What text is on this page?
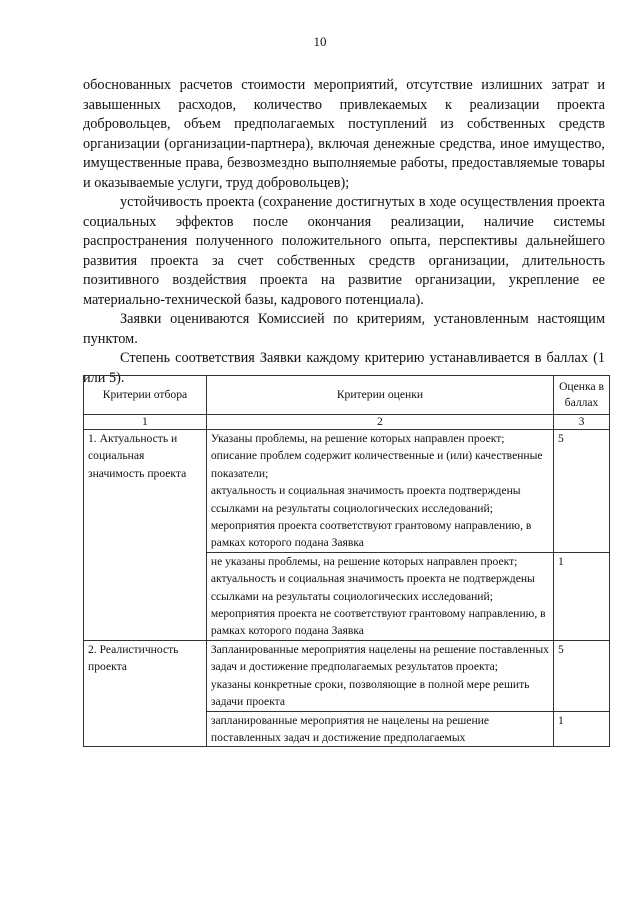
10

обоснованных расчетов стоимости мероприятий, отсутствие излишних затрат и завышенных расходов, количество привлекаемых к реализации проекта добровольцев, объем предполагаемых поступлений из собственных средств организации (организации-партнера), включая денежные средства, иное имущество, имущественные права, безвозмездно выполняемые работы, предоставляемые товары и оказываемые услуги, труд добровольцев);

устойчивость проекта (сохранение достигнутых в ходе осуществления проекта социальных эффектов после окончания реализации, наличие системы распространения полученного положительного опыта, перспективы дальнейшего развития проекта за счет собственных средств организации, длительность позитивного воздействия проекта на развитие организации, укрепление ее материально-технической базы, кадрового потенциала).

Заявки оцениваются Комиссией по критериям, установленным настоящим пунктом.

Степень соответствия Заявки каждому критерию устанавливается в баллах (1 или 5).

Критерии отбора	Критерии оценки	Оценка в баллах
1	2	3
1. Актуальность и социальная значимость проекта	Указаны проблемы, на решение которых направлен проект;
описание проблем содержит количественные и (или) качественные показатели;
актуальность и социальная значимость проекта подтверждены ссылками на результаты социологических исследований;
мероприятия проекта соответствуют грантовому направлению, в рамках которого подана Заявка	5

	не указаны проблемы, на решение которых направлен проект;
актуальность и социальная значимость проекта не подтверждены ссылками на результаты социологических исследований;
мероприятия проекта не соответствуют грантовому направлению, в рамках которого подана Заявка	1
2. Реалистичность проекта	Запланированные мероприятия нацелены на решение поставленных задач и достижение предполагаемых результатов проекта;
указаны конкретные сроки, позволяющие в полной мере решить задачи проекта	5

	запланированные мероприятия не нацелены на решение поставленных задач и достижение предполагаемых	1
